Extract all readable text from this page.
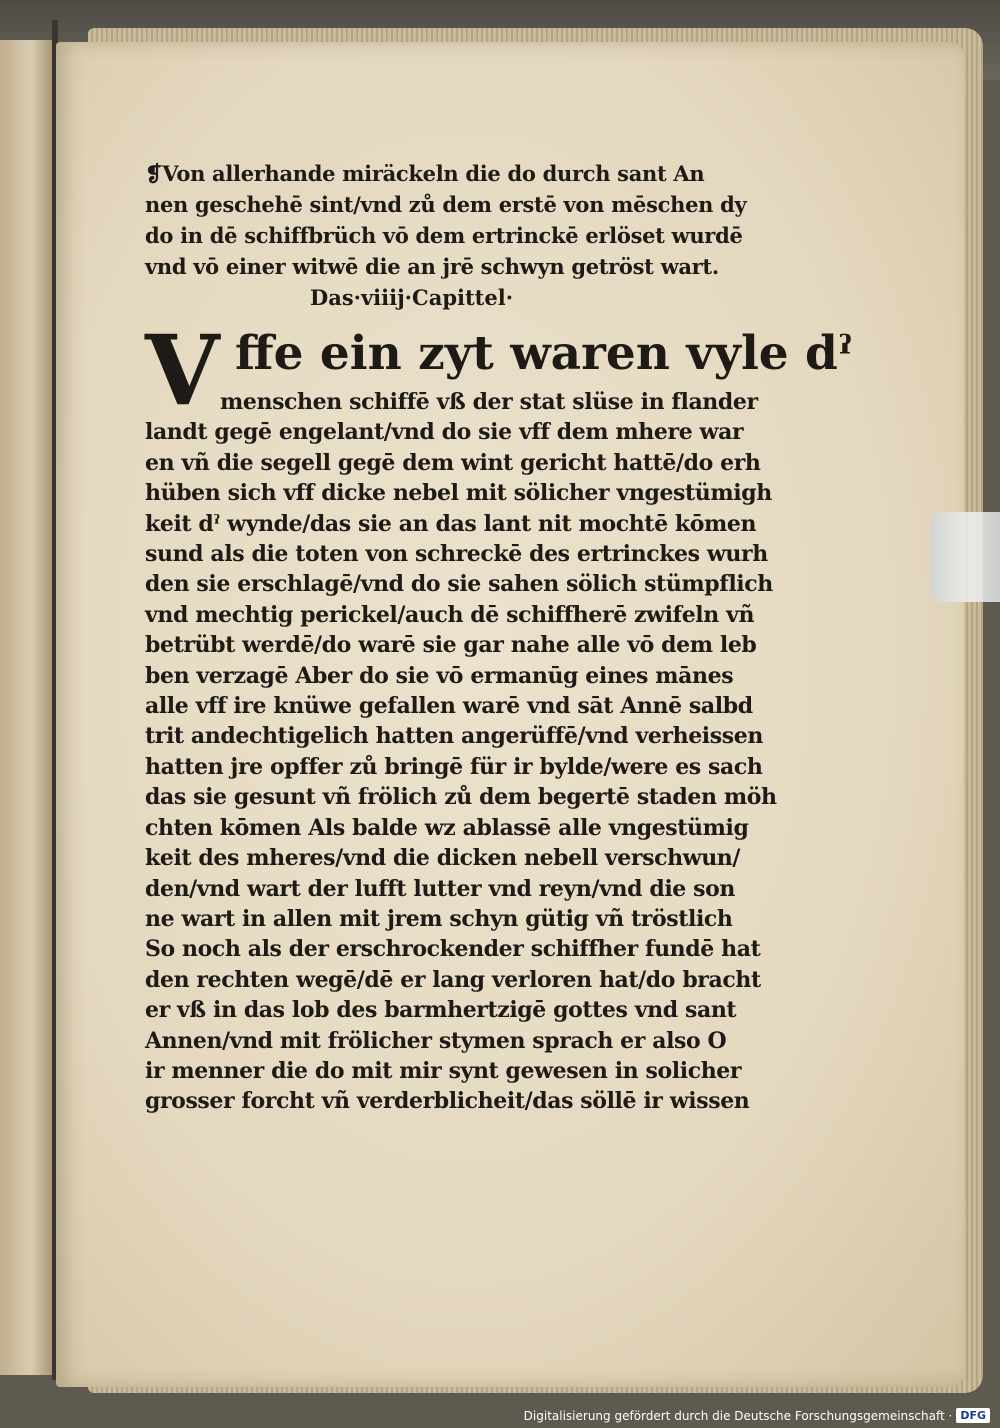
❡Von allerhande miräckeln die do durch sant An
nen geschehē sint/vnd zů dem erstē von mēschen dy
do in dē schiffbrüch vō dem ertrinckē erlöset wurdē
vnd vō einer witwē die an jrē schwyn getröst wart.
Das·viiij·Capittel·
V ffe ein zyt waren vyle dˀ
menschen schiffē vß der stat slüse in flander
landt gegē engelant/vnd do sie vff dem mhere war
en vñ die segell gegē dem wint gericht hattē/do erh
hüben sich vff dicke nebel mit sölicher vngestümigh
keit dˀ wynde/das sie an das lant nit mochtē kōmen
sund als die toten von schreckē des ertrinckes wurh
den sie erschlagē/vnd do sie sahen sölich stümpflich
vnd mechtig perickel/auch dē schiffherē zwifeln vñ
betrübt werdē/do warē sie gar nahe alle vō dem leb
ben verzagē Aber do sie vō ermanūg eines mānes
alle vff ire knüwe gefallen warē vnd sāt Annē salbd
trit andechtigelich hatten angerüffē/vnd verheissen
hatten jre opffer zů bringē für ir bylde/were es sach
das sie gesunt vñ frölich zů dem begertē staden möh
chten kōmen Als balde wz ablassē alle vngestümig
keit des mheres/vnd die dicken nebell verschwun/
den/vnd wart der lufft lutter vnd reyn/vnd die son
ne wart in allen mit jrem schyn gütig vñ tröstlich
So noch als der erschrockender schiffher fundē hat
den rechten wegē/dē er lang verloren hat/do bracht
er vß in das lob des barmhertzigē gottes vnd sant
Annen/vnd mit frölicher stymen sprach er also O
ir menner die do mit mir synt gewesen in solicher
grosser forcht vñ verderblicheit/das söllē ir wissen
Digitalisierung gefördert durch die Deutsche Forschungsgemeinschaft · DFG
